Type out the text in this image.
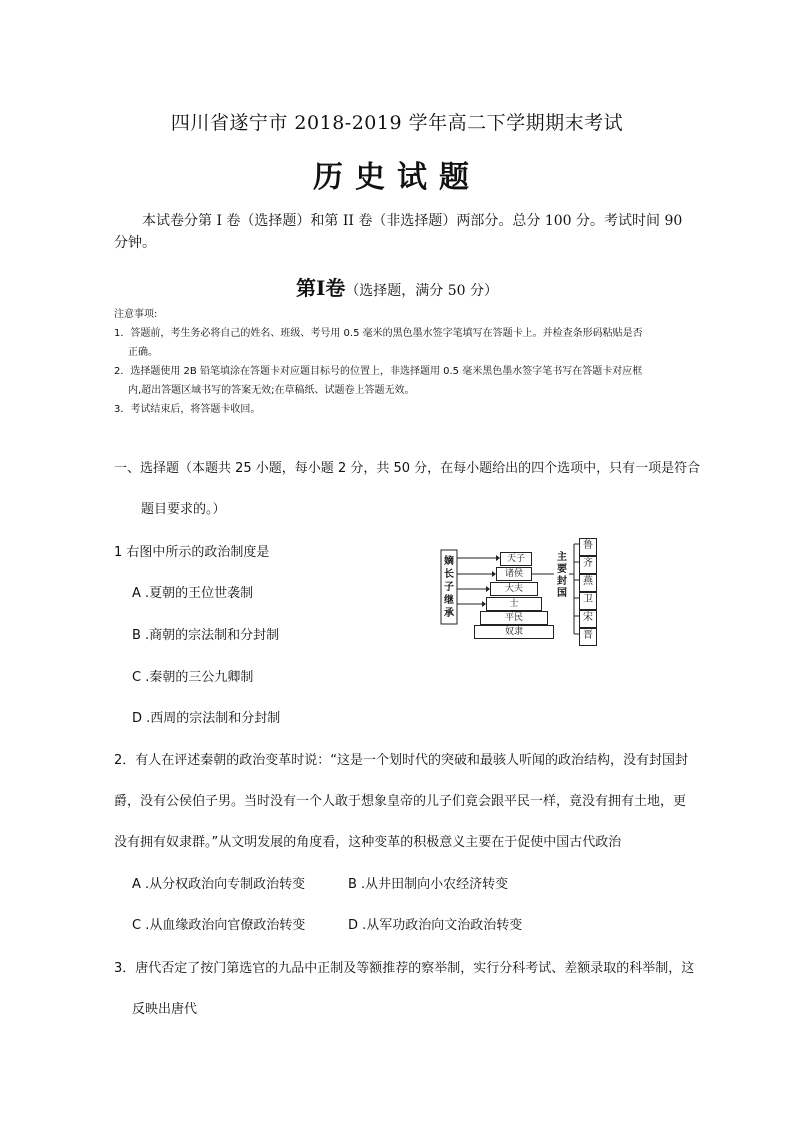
四川省遂宁市 2018-2019 学年高二下学期期末考试
历史试题
本试卷分第 I 卷（选择题）和第 II 卷（非选择题）两部分。总分 100 分。考试时间 90 分钟。
第Ⅰ卷（选择题，满分 50 分）
注意事项:
1．答题前，考生务必将自己的姓名、班级、考号用 0.5 毫米的黑色墨水签字笔填写在答题卡上。并检查条形码粘贴是否
正确。
2．选择题使用 2B 铅笔填涂在答题卡对应题目标号的位置上，非选择题用 0.5 毫米黑色墨水签字笔书写在答题卡对应框
内,超出答题区域书写的答案无效;在草稿纸、试题卷上答题无效。
3．考试结束后，将答题卡收回。
一、选择题（本题共 25 小题，每小题 2 分，共 50 分，在每小题给出的四个选项中，只有一项是符合
题目要求的。）
1 右图中所示的政治制度是
A .夏朝的王位世袭制
B .商朝的宗法制和分封制
C .秦朝的三公九卿制
D .西周的宗法制和分封制
嫡
长
子
继
承
天子
诸侯
大夫
士
平民
奴隶
主
要
封
国
鲁
齐
燕
卫
宋
晋
2．有人在评述秦朝的政治变革时说：“这是一个划时代的突破和最骇人听闻的政治结构，没有封国封
爵，没有公侯伯子男。当时没有一个人敢于想象皇帝的儿子们竟会跟平民一样，竟没有拥有土地，更
没有拥有奴隶群。”从文明发展的角度看，这种变革的积极意义主要在于促使中国古代政治
A .从分权政治向专制政治转变	B .从井田制向小农经济转变
C .从血缘政治向官僚政治转变	D .从军功政治向文治政治转变
3．唐代否定了按门第选官的九品中正制及等额推荐的察举制，实行分科考试、差额录取的科举制，这
反映出唐代
